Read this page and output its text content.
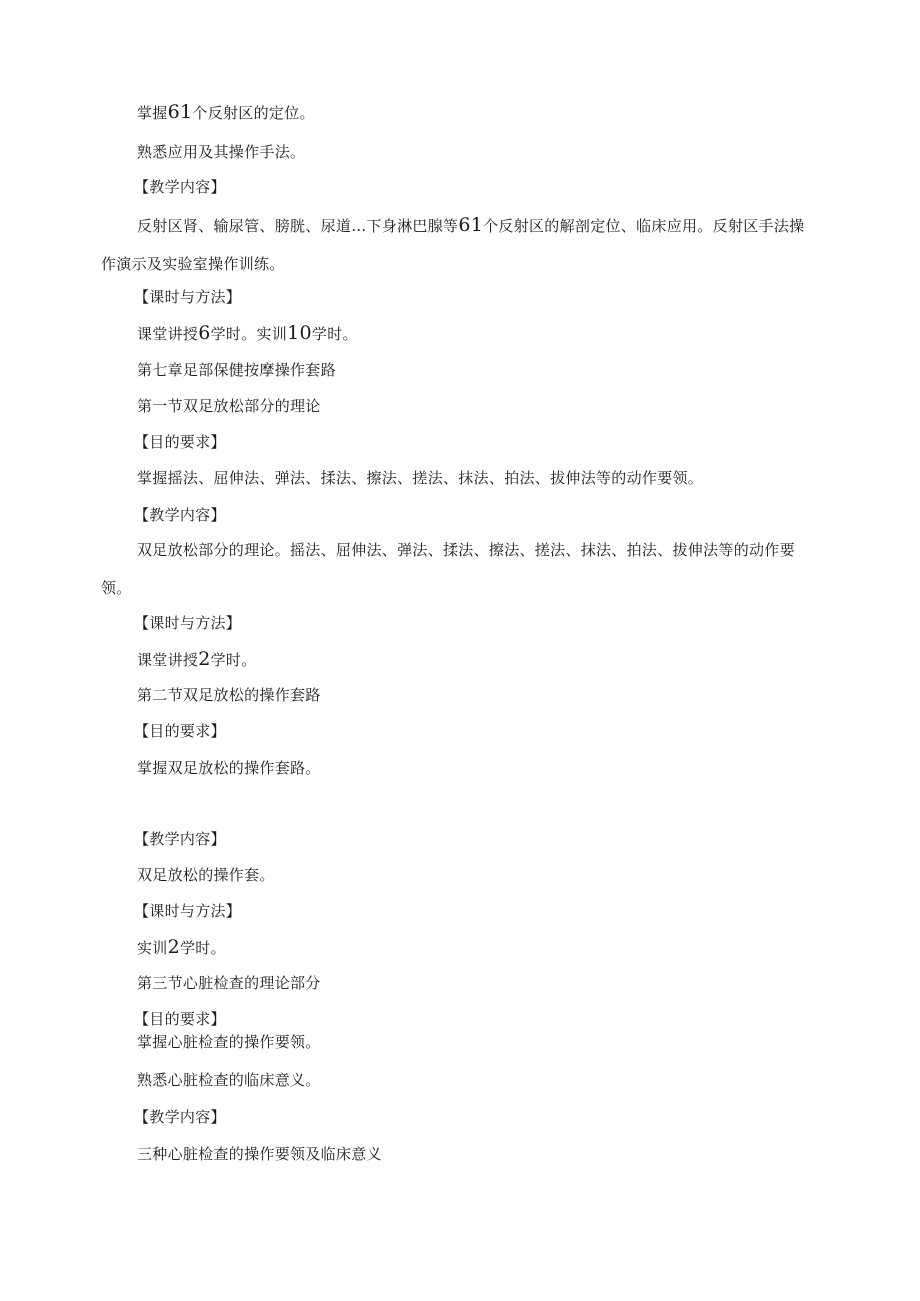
掌握61个反射区的定位。
熟悉应用及其操作手法。
【教学内容】
反射区肾、输尿管、膀胱、尿道…下身淋巴腺等61个反射区的解剖定位、临床应用。反射区手法操作演示及实验室操作训练。
【课时与方法】
课堂讲授6学时。实训10学时。
第七章足部保健按摩操作套路
第一节双足放松部分的理论
【目的要求】
掌握摇法、屈伸法、弹法、揉法、擦法、搓法、抹法、拍法、拔伸法等的动作要领。
【教学内容】
双足放松部分的理论。摇法、屈伸法、弹法、揉法、擦法、搓法、抹法、拍法、拔伸法等的动作要领。
【课时与方法】
课堂讲授2学时。
第二节双足放松的操作套路
【目的要求】
掌握双足放松的操作套路。
【教学内容】
双足放松的操作套。
【课时与方法】
实训2学时。
第三节心脏检查的理论部分
【目的要求】
掌握心脏检查的操作要领。
熟悉心脏检查的临床意义。
【教学内容】
三种心脏检查的操作要领及临床意义
